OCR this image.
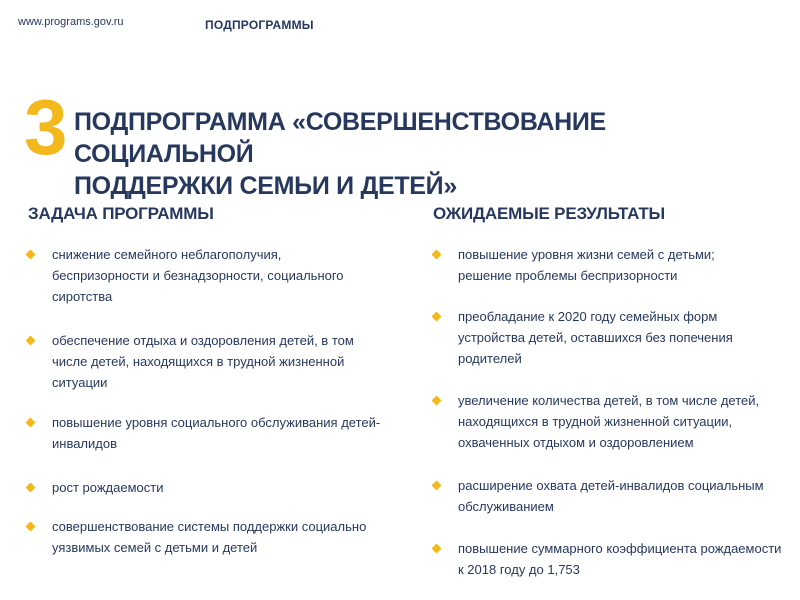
www.programs.gov.ru	ПОДПРОГРАММЫ
3 ПОДПРОГРАММА «СОВЕРШЕНСТВОВАНИЕ СОЦИАЛЬНОЙ
ПОДДЕРЖКИ СЕМЬИ И ДЕТЕЙ»
ЗАДАЧА ПРОГРАММЫ
снижение семейного неблагополучия,
беспризорности и безнадзорности, социального
сиротства
обеспечение отдыха и оздоровления детей, в том
числе детей, находящихся в трудной жизненной
ситуации
повышение уровня социального обслуживания детей-
инвалидов
рост рождаемости
совершенствование системы поддержки социально
уязвимых семей с детьми и детей
ОЖИДАЕМЫЕ РЕЗУЛЬТАТЫ
повышение уровня жизни семей с детьми;
решение проблемы беспризорности
преобладание к 2020 году семейных форм
устройства детей, оставшихся без попечения
родителей
увеличение количества детей, в том числе детей,
находящихся в трудной жизненной ситуации,
охваченных отдыхом и оздоровлением
расширение охвата детей-инвалидов социальным
обслуживанием
повышение суммарного коэффициента рождаемости
к 2018 году до 1,753
